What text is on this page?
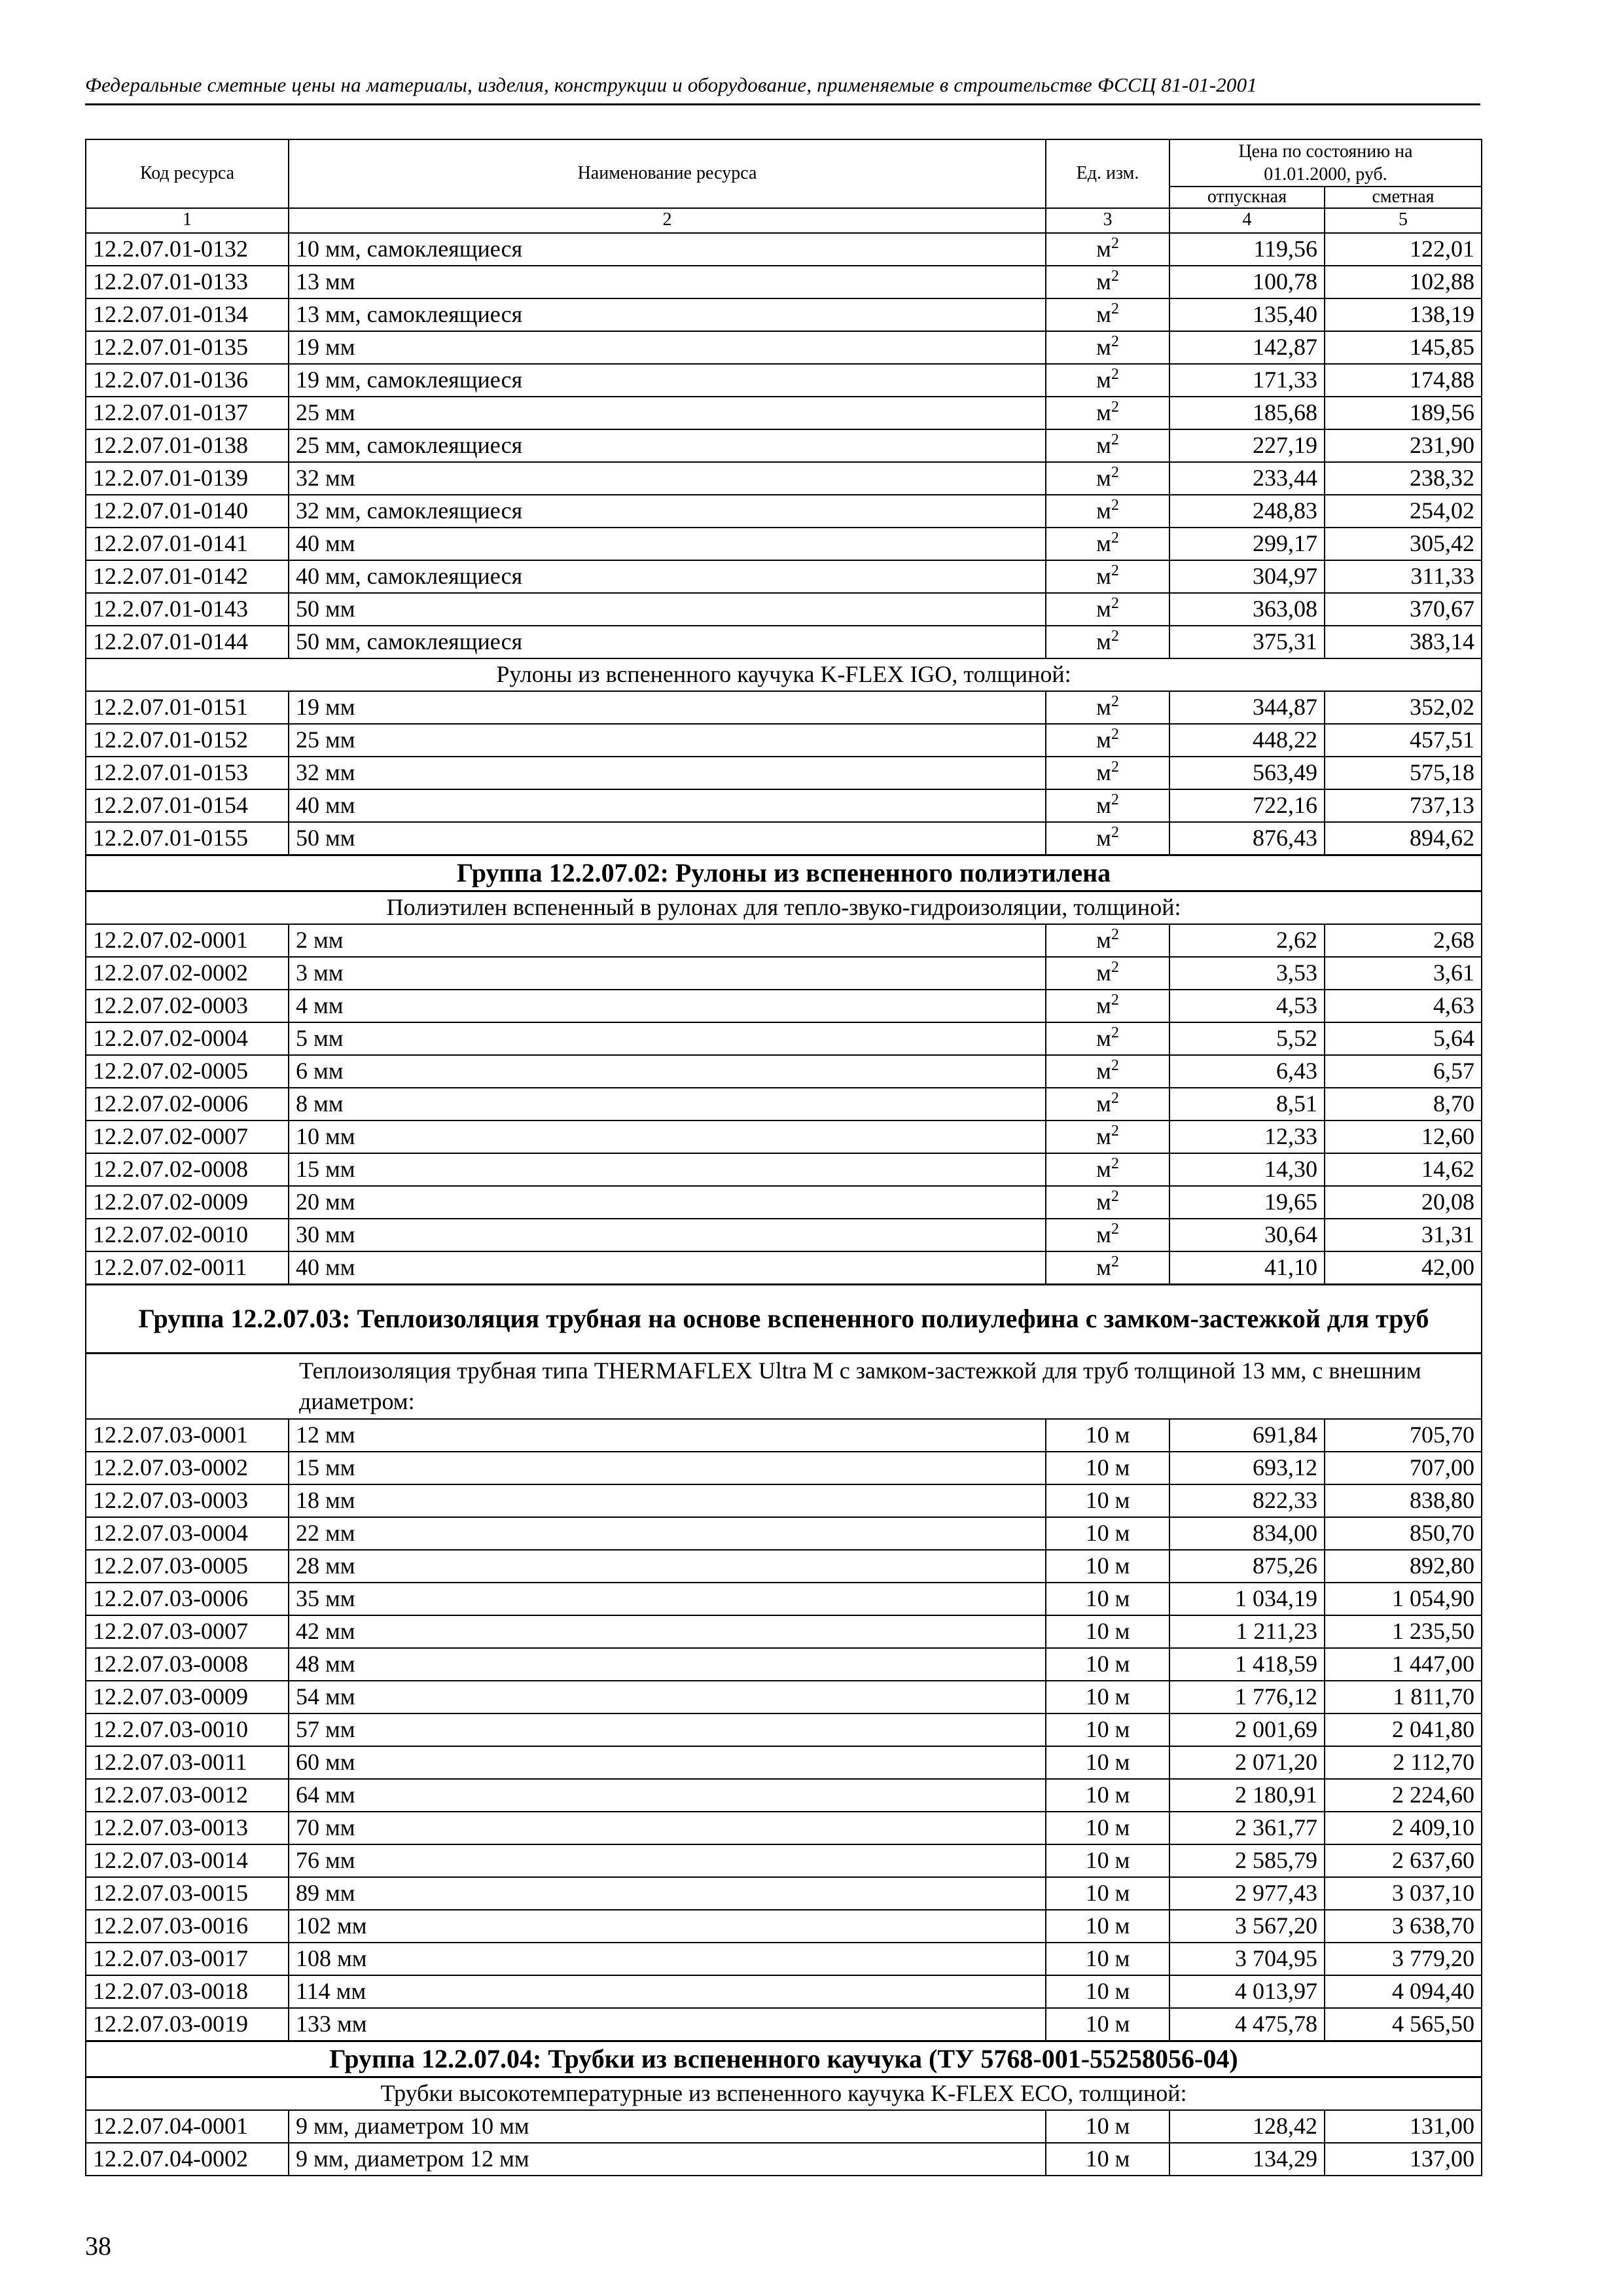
Федеральные сметные цены на материалы, изделия, конструкции и оборудование, применяемые в строительстве ФССЦ 81-01-2001
Код ресурса	Наименование ресурса	Ед. изм.	Цена по состоянию на 01.01.2000, руб.	
			отпускная	сметная
1	2	3	4	5
12.2.07.01-0132	10 мм, самоклеящиеся	$м^2$	119,56	122,01
12.2.07.01-0133	13 мм	$м^2$	100,78	102,88
12.2.07.01-0134	13 мм, самоклеящиеся	$м^2$	135,40	138,19
12.2.07.01-0135	19 мм	$м^2$	142,87	145,85
12.2.07.01-0136	19 мм, самоклеящиеся	$м^2$	171,33	174,88
12.2.07.01-0137	25 мм	$м^2$	185,68	189,56
12.2.07.01-0138	25 мм, самоклеящиеся	$м^2$	227,19	231,90
12.2.07.01-0139	32 мм	$м^2$	233,44	238,32
12.2.07.01-0140	32 мм, самоклеящиеся	$м^2$	248,83	254,02
12.2.07.01-0141	40 мм	$м^2$	299,17	305,42
12.2.07.01-0142	40 мм, самоклеящиеся	$м^2$	304,97	311,33
12.2.07.01-0143	50 мм	$м^2$	363,08	370,67
12.2.07.01-0144	50 мм, самоклеящиеся	$м^2$	375,31	383,14
Рулоны из вспененного каучука K-FLEX IGO, толщиной:				
12.2.07.01-0151	19 мм	$м^2$	344,87	352,02
12.2.07.01-0152	25 мм	$м^2$	448,22	457,51
12.2.07.01-0153	32 мм	$м^2$	563,49	575,18
12.2.07.01-0154	40 мм	$м^2$	722,16	737,13
12.2.07.01-0155	50 мм	$м^2$	876,43	894,62
Группа 12.2.07.02: Рулоны из вспененного полиэтилена				
Полиэтилен вспененный в рулонах для тепло-звуко-гидроизоляции, толщиной:				
12.2.07.02-0001	2 мм	$м^2$	2,62	2,68
12.2.07.02-0002	3 мм	$м^2$	3,53	3,61
12.2.07.02-0003	4 мм	$м^2$	4,53	4,63
12.2.07.02-0004	5 мм	$м^2$	5,52	5,64
12.2.07.02-0005	6 мм	$м^2$	6,43	6,57
12.2.07.02-0006	8 мм	$м^2$	8,51	8,70
12.2.07.02-0007	10 мм	$м^2$	12,33	12,60
12.2.07.02-0008	15 мм	$м^2$	14,30	14,62
12.2.07.02-0009	20 мм	$м^2$	19,65	20,08
12.2.07.02-0010	30 мм	$м^2$	30,64	31,31
12.2.07.02-0011	40 мм	$м^2$	41,10	42,00
Группа 12.2.07.03: Теплоизоляция трубная на основе вспененного полиулефина с замком-застежкой для труб				
Теплоизоляция трубная типа THERMAFLEX Ultra M с замком-застежкой для труб толщиной 13 мм, с внешним диаметром:				
12.2.07.03-0001	12 мм	10 м	691,84	705,70
12.2.07.03-0002	15 мм	10 м	693,12	707,00
12.2.07.03-0003	18 мм	10 м	822,33	838,80
12.2.07.03-0004	22 мм	10 м	834,00	850,70
12.2.07.03-0005	28 мм	10 м	875,26	892,80
12.2.07.03-0006	35 мм	10 м	1 034,19	1 054,90
12.2.07.03-0007	42 мм	10 м	1 211,23	1 235,50
12.2.07.03-0008	48 мм	10 м	1 418,59	1 447,00
12.2.07.03-0009	54 мм	10 м	1 776,12	1 811,70
12.2.07.03-0010	57 мм	10 м	2 001,69	2 041,80
12.2.07.03-0011	60 мм	10 м	2 071,20	2 112,70
12.2.07.03-0012	64 мм	10 м	2 180,91	2 224,60
12.2.07.03-0013	70 мм	10 м	2 361,77	2 409,10
12.2.07.03-0014	76 мм	10 м	2 585,79	2 637,60
12.2.07.03-0015	89 мм	10 м	2 977,43	3 037,10
12.2.07.03-0016	102 мм	10 м	3 567,20	3 638,70
12.2.07.03-0017	108 мм	10 м	3 704,95	3 779,20
12.2.07.03-0018	114 мм	10 м	4 013,97	4 094,40
12.2.07.03-0019	133 мм	10 м	4 475,78	4 565,50
Группа 12.2.07.04: Трубки из вспененного каучука (ТУ 5768-001-55258056-04)				
Трубки высокотемпературные из вспененного каучука K-FLEX ECO, толщиной:				
12.2.07.04-0001	9 мм, диаметром 10 мм	10 м	128,42	131,00
12.2.07.04-0002	9 мм, диаметром 12 мм	10 м	134,29	137,00
38
